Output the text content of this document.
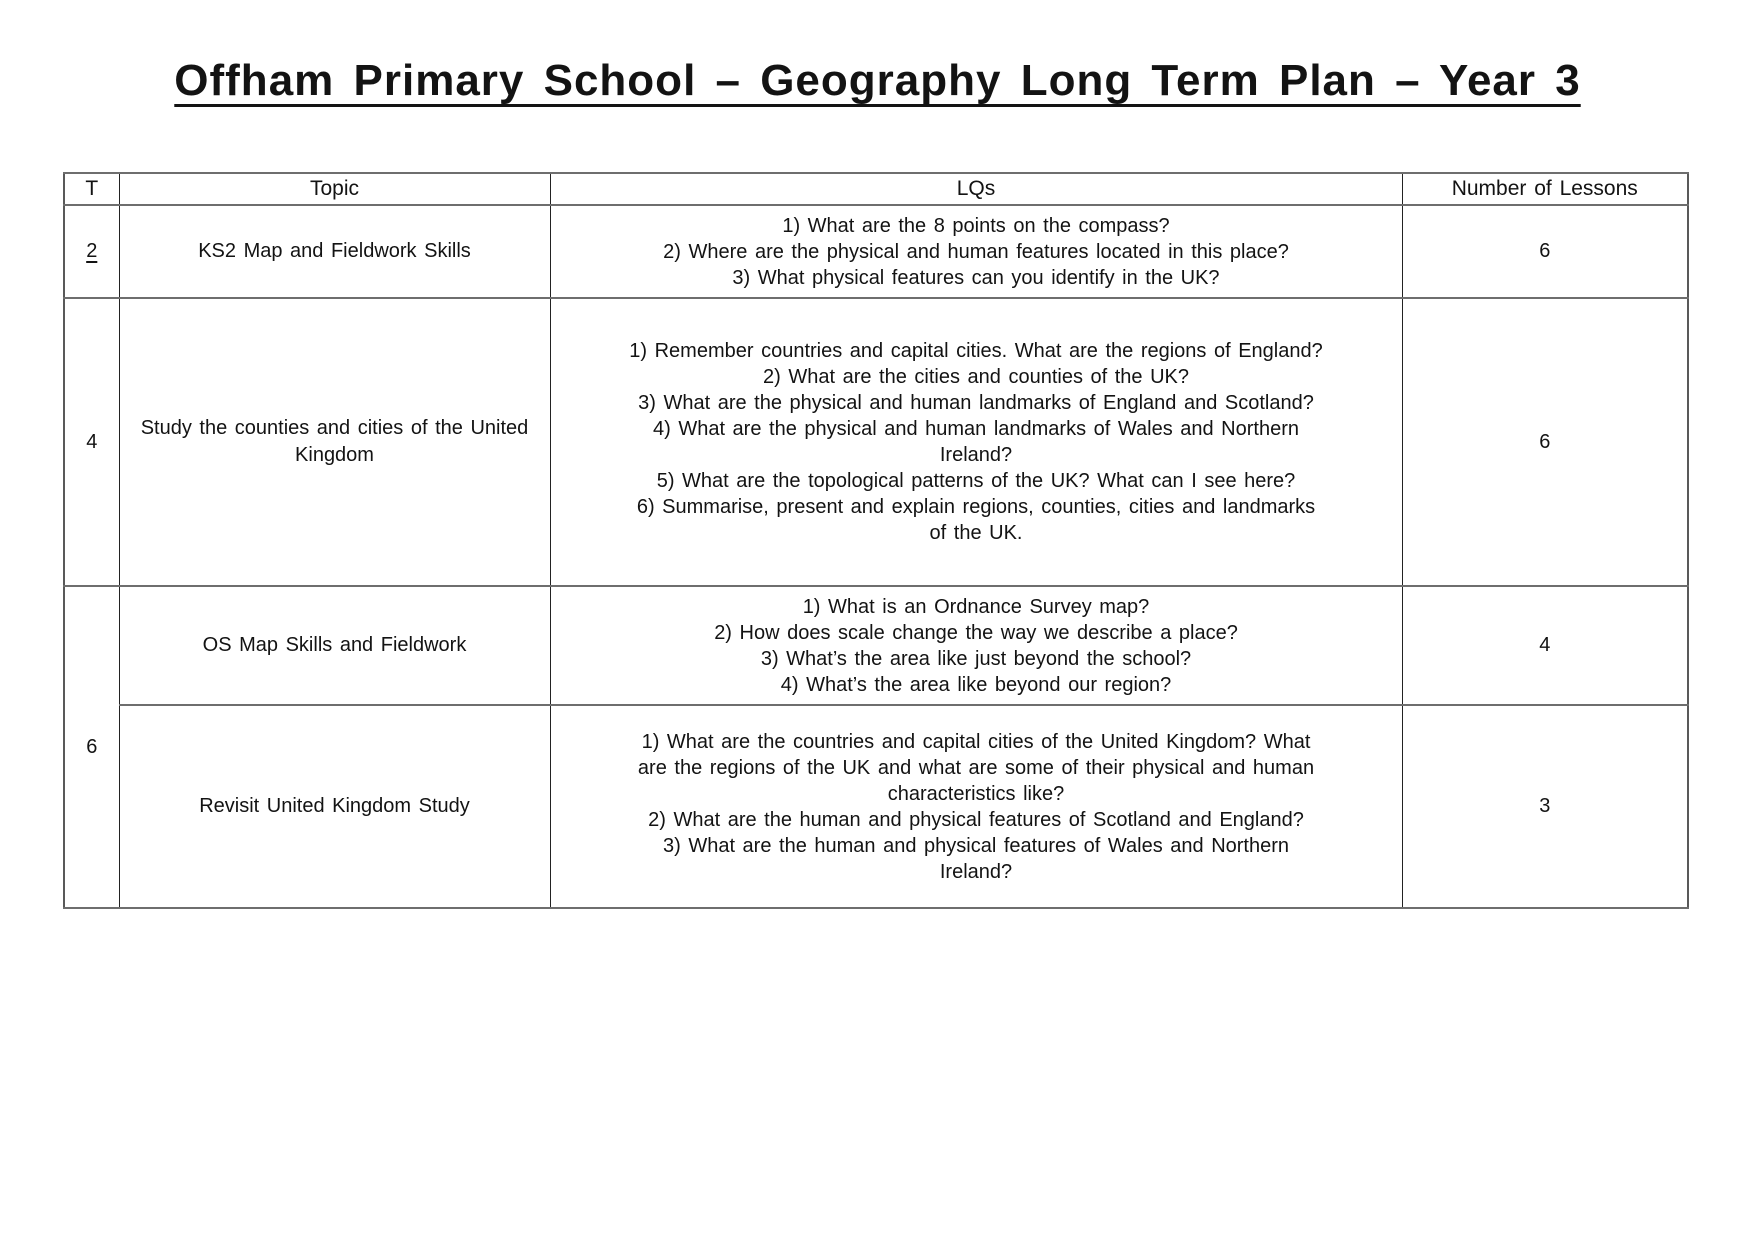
Offham Primary School – Geography Long Term Plan – Year 3
T	Topic	LQs	Number of Lessons
2	KS2 Map and Fieldwork Skills	1) What are the 8 points on the compass?
2) Where are the physical and human features located in this place?
3) What physical features can you identify in the UK?	6
4	Study the counties and cities of the United Kingdom	
1) Remember countries and capital cities. What are the regions of England?
2) What are the cities and counties of the UK?
3) What are the physical and human landmarks of England and Scotland?
4) What are the physical and human landmarks of Wales and Northern Ireland?
5) What are the topological patterns of the UK? What can I see here?
6) Summarise, present and explain regions, counties, cities and landmarks of the UK.
	6
6	OS Map Skills and Fieldwork	1) What is an Ordnance Survey map?
2) How does scale change the way we describe a place?
3) What’s the area like just beyond the school?
4) What’s the area like beyond our region?	4
	Revisit United Kingdom Study	1) What are the countries and capital cities of the United Kingdom? What are the regions of the UK and what are some of their physical and human characteristics like?
2) What are the human and physical features of Scotland and England?
3) What are the human and physical features of Wales and Northern Ireland?	3
